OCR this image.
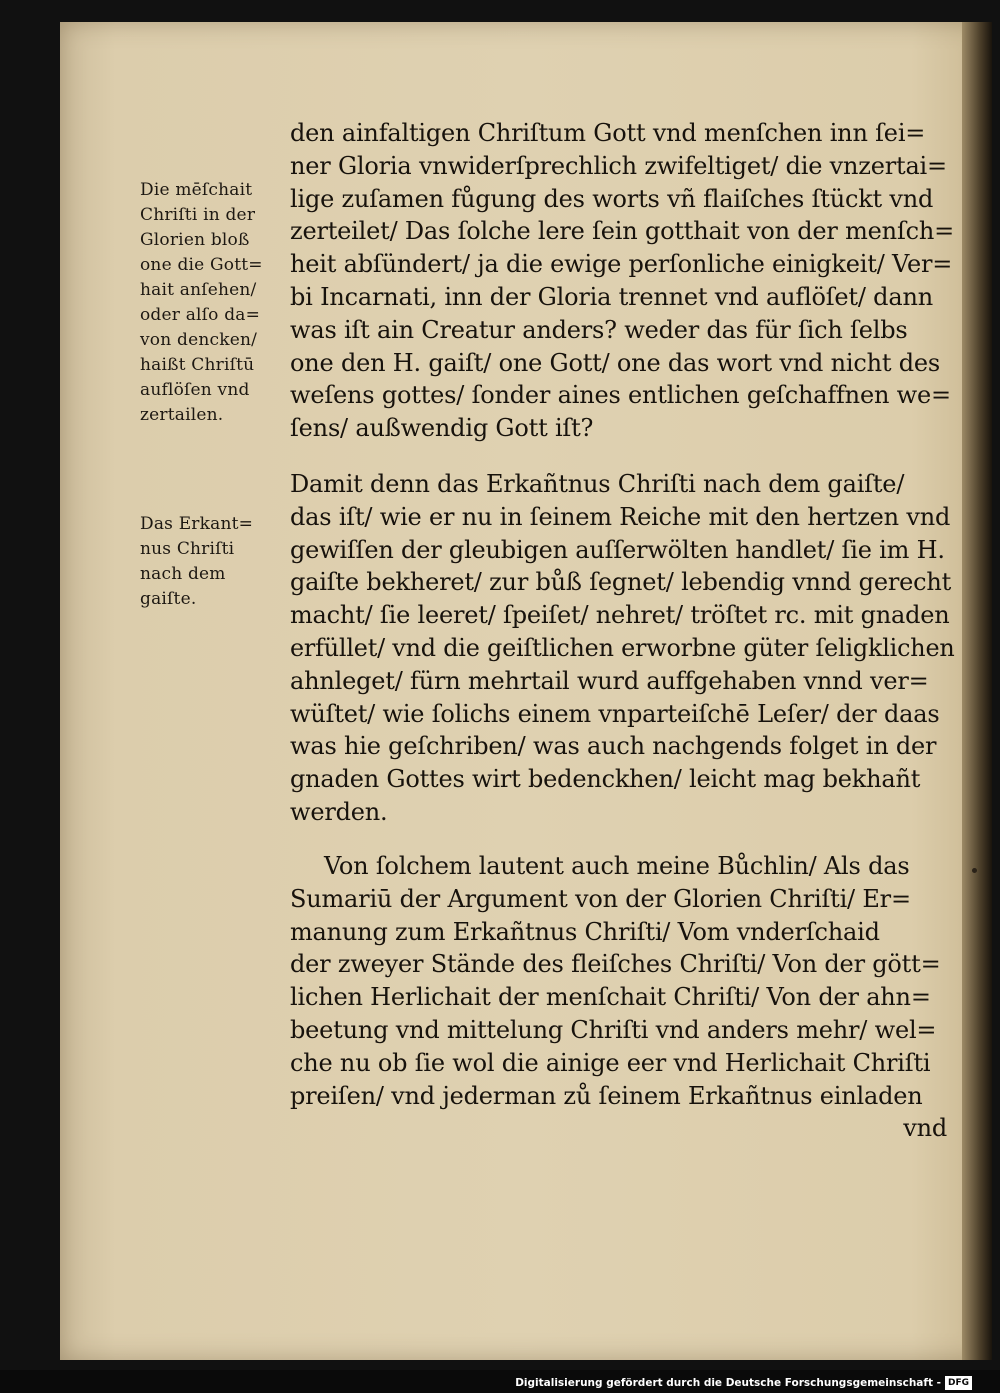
Die mēſchait
Chriſti in der
Glorien bloß
one die Gott=
hait anſehen/
oder alſo da=
von dencken/
haißt Chriſtū
auflöſen vnd
zertailen.
Das Erkant=
nus Chriſti
nach dem
gaiſte.
den ainfaltigen Chriſtum Gott vnd menſchen inn ſei=
ner Gloria vnwiderſprechlich zwifeltiget/ die vnzertai=
lige zuſamen fůgung des worts vñ flaiſches ſtückt vnd
zerteilet/ Das ſolche lere ſein gotthait von der menſch=
heit abſündert/ ja die ewige perſonliche einigkeit/ Ver=
bi Incarnati, inn der Gloria trennet vnd auflöſet/ dann
was iſt ain Creatur anders? weder das für ſich ſelbs
one den H. gaiſt/ one Gott/ one das wort vnd nicht des
weſens gottes/ ſonder aines entlichen geſchaffnen we=
ſens/ außwendig Gott iſt?
Damit denn das Erkañtnus Chriſti nach dem gaiſte/
das iſt/ wie er nu in ſeinem Reiche mit den hertzen vnd
gewiſſen der gleubigen auſſerwölten handlet/ ſie im H.
gaiſte bekheret/ zur bůß ſegnet/ lebendig vnnd gerecht
macht/ ſie leeret/ ſpeiſet/ nehret/ tröſtet rc. mit gnaden
erfüllet/ vnd die geiſtlichen erworbne güter ſeligklichen
ahnleget/ fürn mehrtail wurd auffgehaben vnnd ver=
wüſtet/ wie ſolichs einem vnparteiſchē Leſer/ der daas
was hie geſchriben/ was auch nachgends folget in der
gnaden Gottes wirt bedenckhen/ leicht mag bekhañt
werden.
Von ſolchem lautent auch meine Bůchlin/ Als das
Sumariū der Argument von der Glorien Chriſti/ Er=
manung zum Erkañtnus Chriſti/ Vom vnderſchaid
der zweyer Stände des fleiſches Chriſti/ Von der gött=
lichen Herlichait der menſchait Chriſti/ Von der ahn=
beetung vnd mittelung Chriſti vnd anders mehr/ wel=
che nu ob ſie wol die ainige eer vnd Herlichait Chriſti
preiſen/ vnd jederman zů ſeinem Erkañtnus einladen
vnd
Digitalisierung gefördert durch die Deutsche Forschungsgemeinschaft - DFG
